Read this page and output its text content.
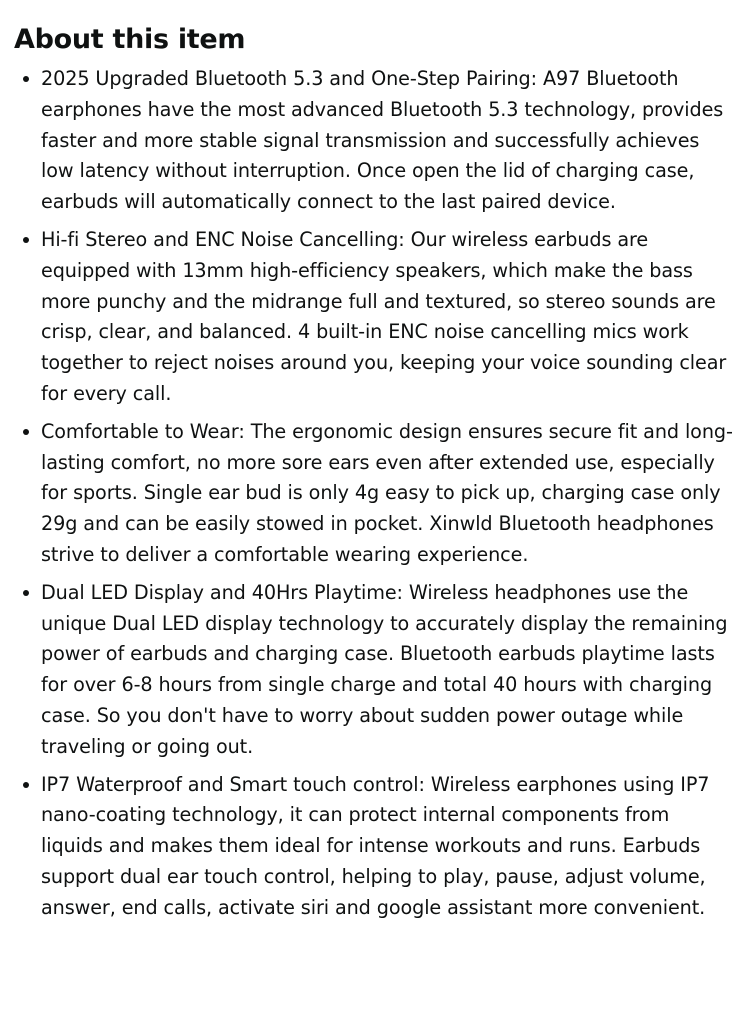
About this item
2025 Upgraded Bluetooth 5.3 and One-Step Pairing: A97 Bluetooth earphones have the most advanced Bluetooth 5.3 technology, provides faster and more stable signal transmission and successfully achieves low latency without interruption. Once open the lid of charging case, earbuds will automatically connect to the last paired device.
Hi-fi Stereo and ENC Noise Cancelling: Our wireless earbuds are equipped with 13mm high-efficiency speakers, which make the bass more punchy and the midrange full and textured, so stereo sounds are crisp, clear, and balanced. 4 built-in ENC noise cancelling mics work together to reject noises around you, keeping your voice sounding clear for every call.
Comfortable to Wear: The ergonomic design ensures secure fit and long-lasting comfort, no more sore ears even after extended use, especially for sports. Single ear bud is only 4g easy to pick up, charging case only 29g and can be easily stowed in pocket. Xinwld Bluetooth headphones strive to deliver a comfortable wearing experience.
Dual LED Display and 40Hrs Playtime: Wireless headphones use the unique Dual LED display technology to accurately display the remaining power of earbuds and charging case. Bluetooth earbuds playtime lasts for over 6-8 hours from single charge and total 40 hours with charging case. So you don't have to worry about sudden power outage while traveling or going out.
IP7 Waterproof and Smart touch control: Wireless earphones using IP7 nano-coating technology, it can protect internal components from liquids and makes them ideal for intense workouts and runs. Earbuds support dual ear touch control, helping to play, pause, adjust volume, answer, end calls, activate siri and google assistant more convenient.
